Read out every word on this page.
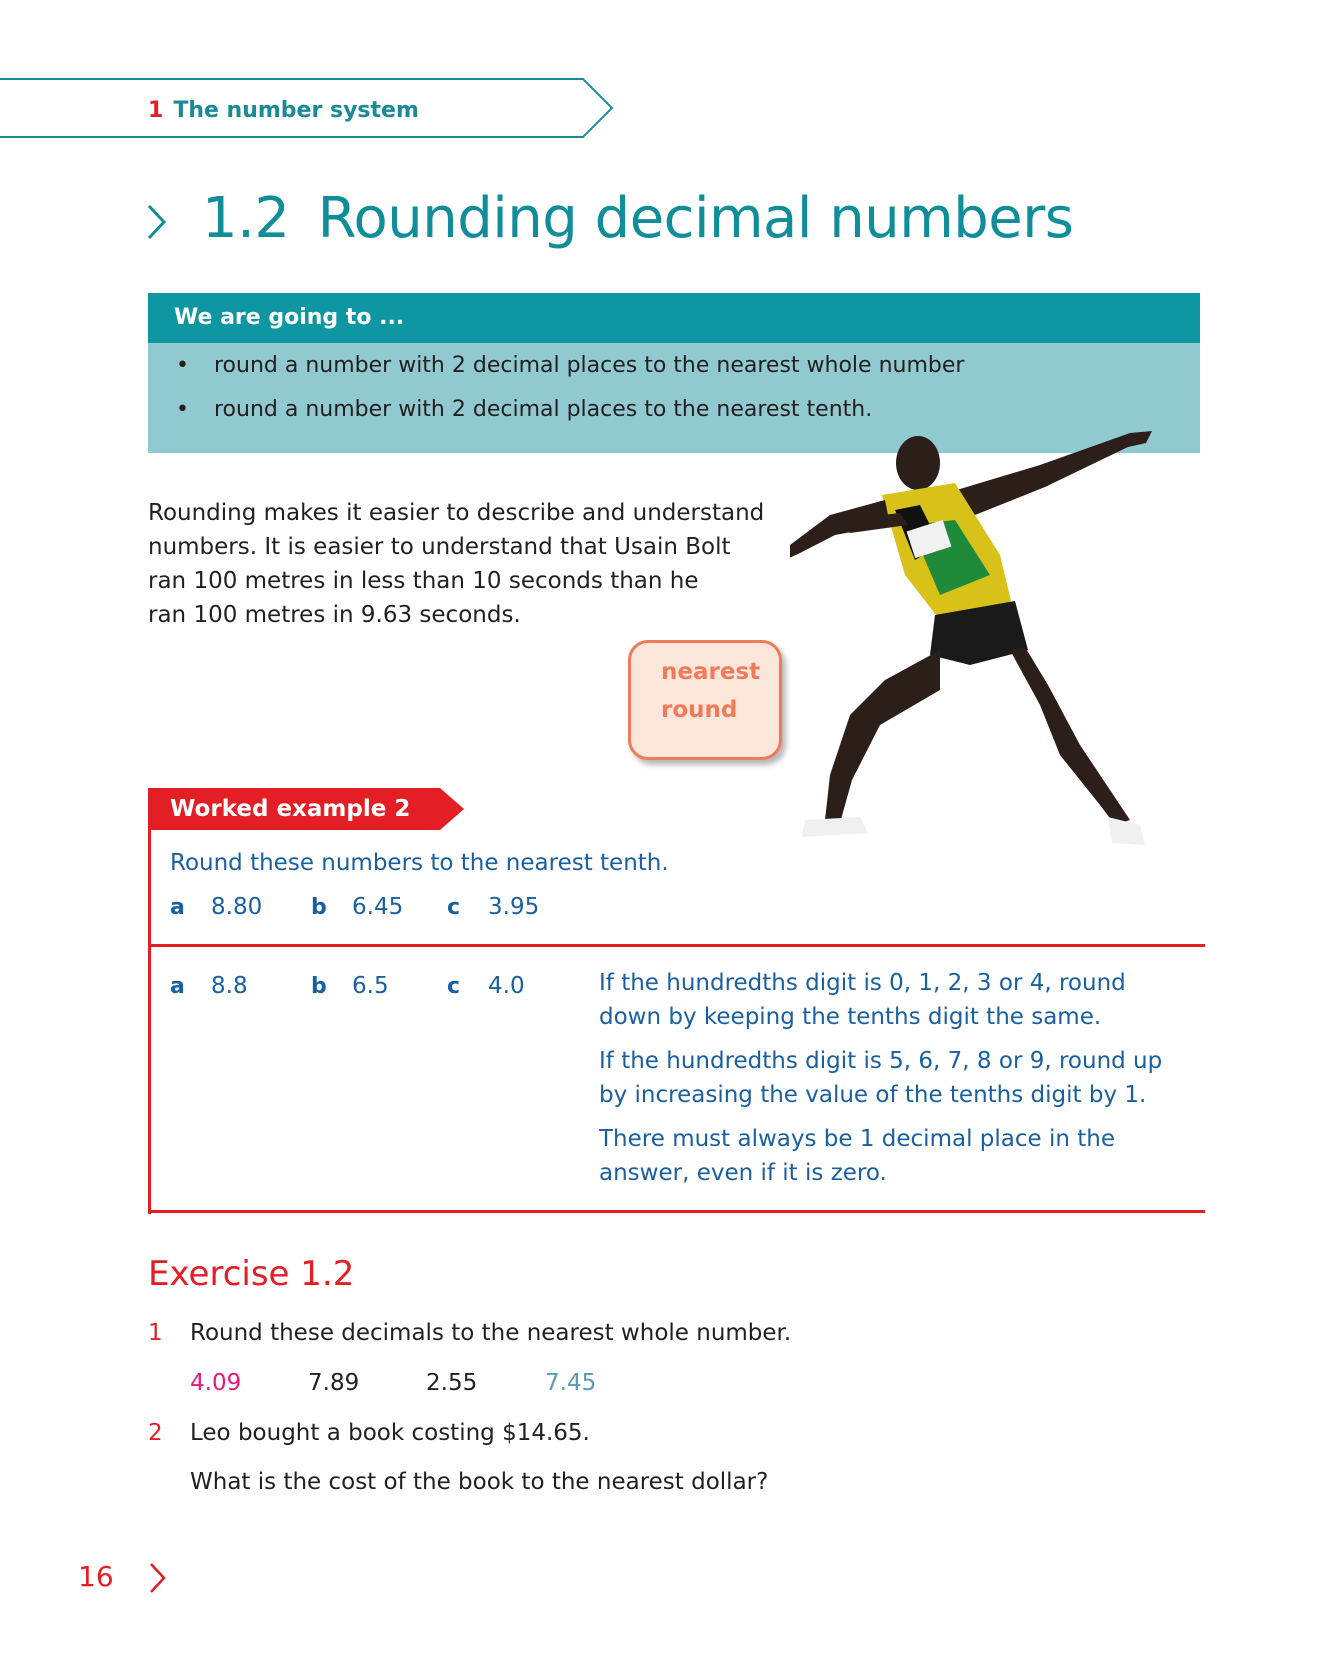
1 The number system
1.2 Rounding decimal numbers
We are going to ...
• round a number with 2 decimal places to the nearest whole number
• round a number with 2 decimal places to the nearest tenth.
Rounding makes it easier to describe and understand
numbers. It is easier to understand that Usain Bolt
ran 100 metres in less than 10 seconds than he
ran 100 metres in 9.63 seconds.
nearest
round
Worked example 2
Round these numbers to the nearest tenth.
a 8.80 b 6.45 c 3.95
a 8.8	b 6.5	c 4.0	If the hundredths digit is 0, 1, 2, 3 or 4, round
down by keeping the tenths digit the same.
If the hundredths digit is 5, 6, 7, 8 or 9, round up
by increasing the value of the tenths digit by 1.
There must always be 1 decimal place in the
answer, even if it is zero.
Exercise 1.2
1 Round these decimals to the nearest whole number.
4.09	7.89	2.55	7.45
2 Leo bought a book costing $14.65.
What is the cost of the book to the nearest dollar?
16
